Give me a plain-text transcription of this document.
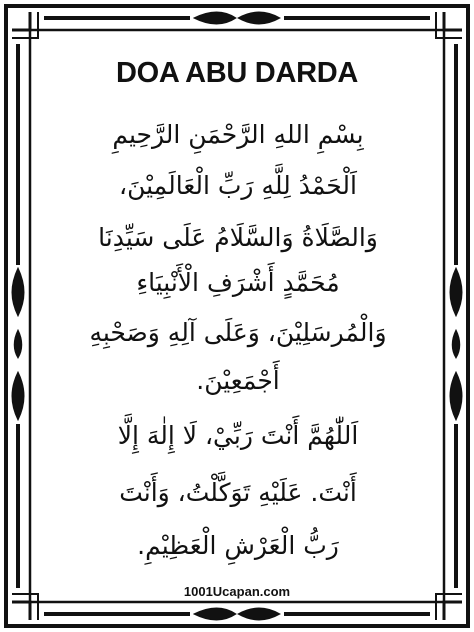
DOA ABU DARDA
بِسْمِ اللهِ الرَّحْمَنِ الرَّحِيمِ
اَلْحَمْدُ لِلَّهِ رَبِّ الْعَالَمِيْنَ،
وَالصَّلَاةُ وَالسَّلَامُ عَلَى سَيِّدِنَا
مُحَمَّدٍ أَشْرَفِ الْأَنْبِيَاءِ
وَالْمُرسَلِيْنَ، وَعَلَى آلِهِ وَصَحْبِهِ
أَجْمَعِيْنَ.
اَللّٰهُمَّ أَنْتَ رَبِّيْ، لَا إِلٰهَ إِلَّا
أَنْتَ. عَلَيْهِ تَوَكَّلْتُ، وَأَنْتَ
رَبُّ الْعَرْشِ الْعَظِيْمِ.
1001Ucapan.com
